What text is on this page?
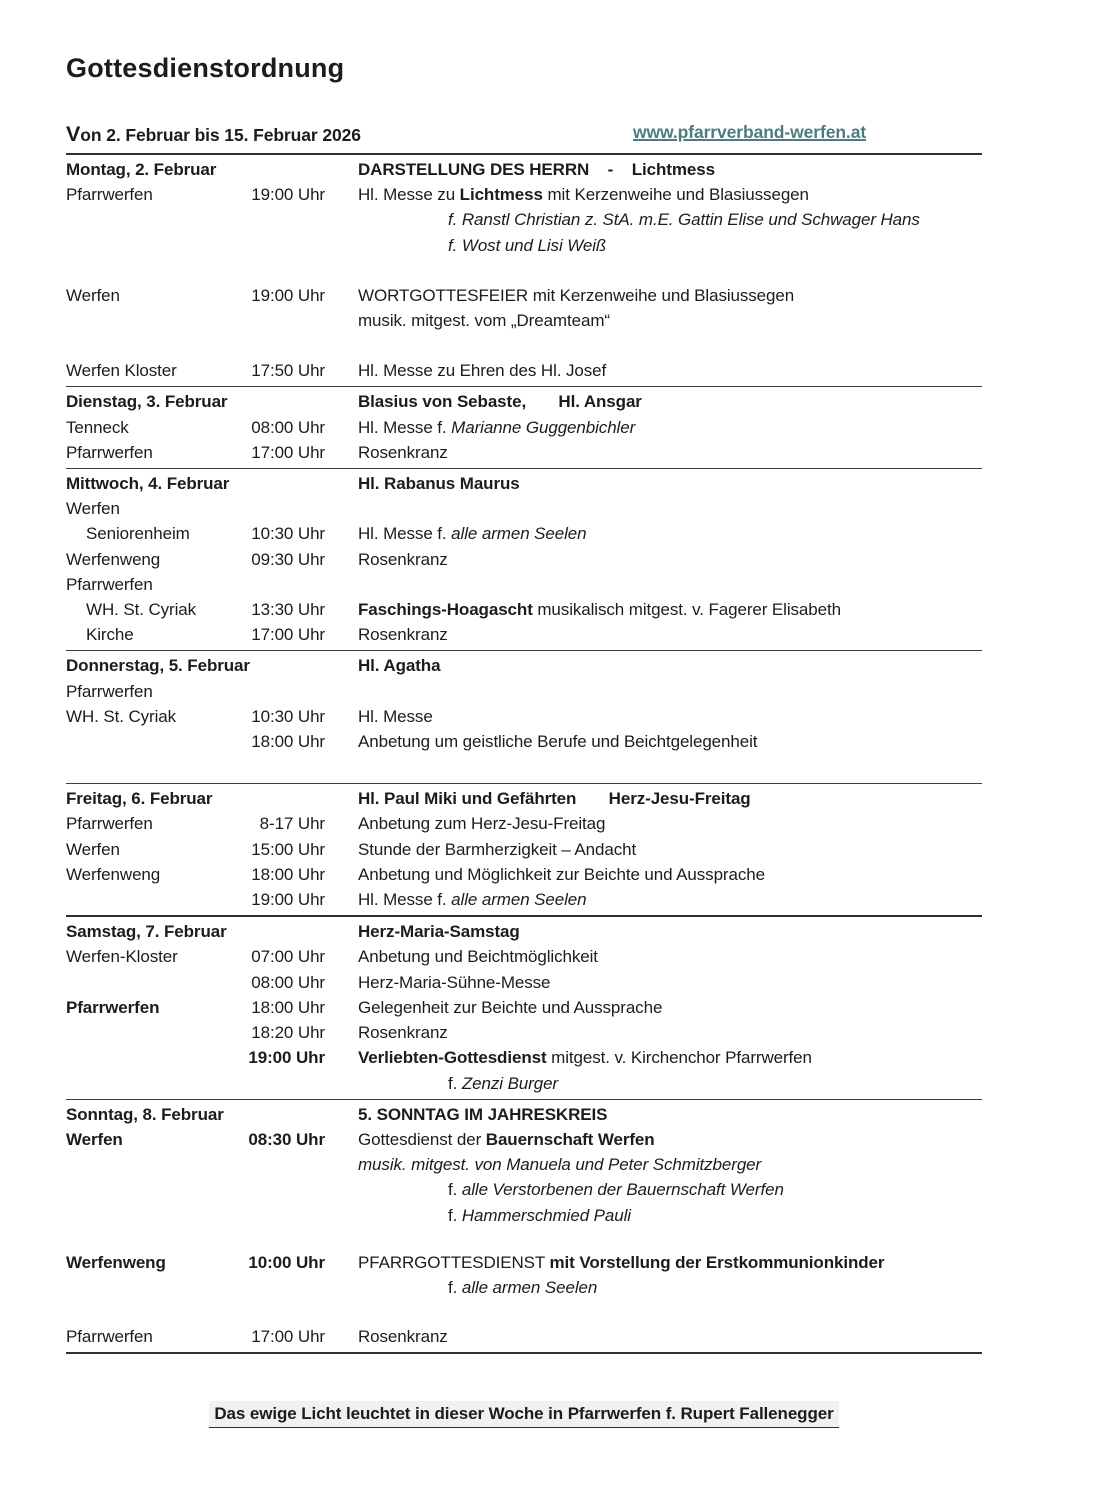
Gottesdienstordnung
Von 2. Februar bis 15. Februar 2026	www.pfarrverband-werfen.at
Montag, 2. Februar	DARSTELLUNG DES HERRN    -    Lichtmess
Pfarrwerfen	19:00 Uhr	Hl. Messe zu Lichtmess mit Kerzenweihe und Blasiussegen
f. Ranstl Christian z. StA. m.E. Gattin Elise und Schwager Hans
f. Wost und Lisi Weiß
Werfen	19:00 Uhr	WORTGOTTESFEIER mit Kerzenweihe und Blasiussegen
musik. mitgest. vom „Dreamteam“
Werfen Kloster	17:50 Uhr	Hl. Messe zu Ehren des Hl. Josef
Dienstag, 3. Februar	Blasius von Sebaste,       Hl. Ansgar
Tenneck	08:00 Uhr	Hl. Messe f. Marianne Guggenbichler
Pfarrwerfen	17:00 Uhr	Rosenkranz
Mittwoch, 4. Februar	Hl. Rabanus Maurus
Werfen
Seniorenheim	10:30 Uhr	Hl. Messe f. alle armen Seelen
Werfenweng	09:30 Uhr	Rosenkranz
Pfarrwerfen
WH. St. Cyriak	13:30 Uhr	Faschings-Hoagascht musikalisch mitgest. v. Fagerer Elisabeth
Kirche	17:00 Uhr	Rosenkranz
Donnerstag, 5. Februar	Hl. Agatha
Pfarrwerfen
WH. St. Cyriak	10:30 Uhr	Hl. Messe
18:00 Uhr	Anbetung um geistliche Berufe und Beichtgelegenheit
Freitag, 6. Februar	Hl. Paul Miki und Gefährten       Herz-Jesu-Freitag
Pfarrwerfen	8-17 Uhr	Anbetung zum Herz-Jesu-Freitag
Werfen	15:00 Uhr	Stunde der Barmherzigkeit – Andacht
Werfenweng	18:00 Uhr	Anbetung und Möglichkeit zur Beichte und Aussprache
19:00 Uhr	Hl. Messe f. alle armen Seelen
Samstag, 7. Februar	Herz-Maria-Samstag
Werfen-Kloster	07:00 Uhr	Anbetung und Beichtmöglichkeit
08:00 Uhr	Herz-Maria-Sühne-Messe
Pfarrwerfen	18:00 Uhr	Gelegenheit zur Beichte und Aussprache
18:20 Uhr	Rosenkranz
19:00 Uhr	Verliebten-Gottesdienst mitgest. v. Kirchenchor Pfarrwerfen
f. Zenzi Burger
Sonntag, 8. Februar	5. SONNTAG IM JAHRESKREIS
Werfen	08:30 Uhr	Gottesdienst der Bauernschaft Werfen
musik. mitgest. von Manuela und Peter Schmitzberger
f. alle Verstorbenen der Bauernschaft Werfen
f. Hammerschmied Pauli
Werfenweng	10:00 Uhr	PFARRGOTTESDIENST mit Vorstellung der Erstkommunionkinder
f. alle armen Seelen
Pfarrwerfen	17:00 Uhr	Rosenkranz
Das ewige Licht leuchtet in dieser Woche in Pfarrwerfen f. Rupert Fallenegger
